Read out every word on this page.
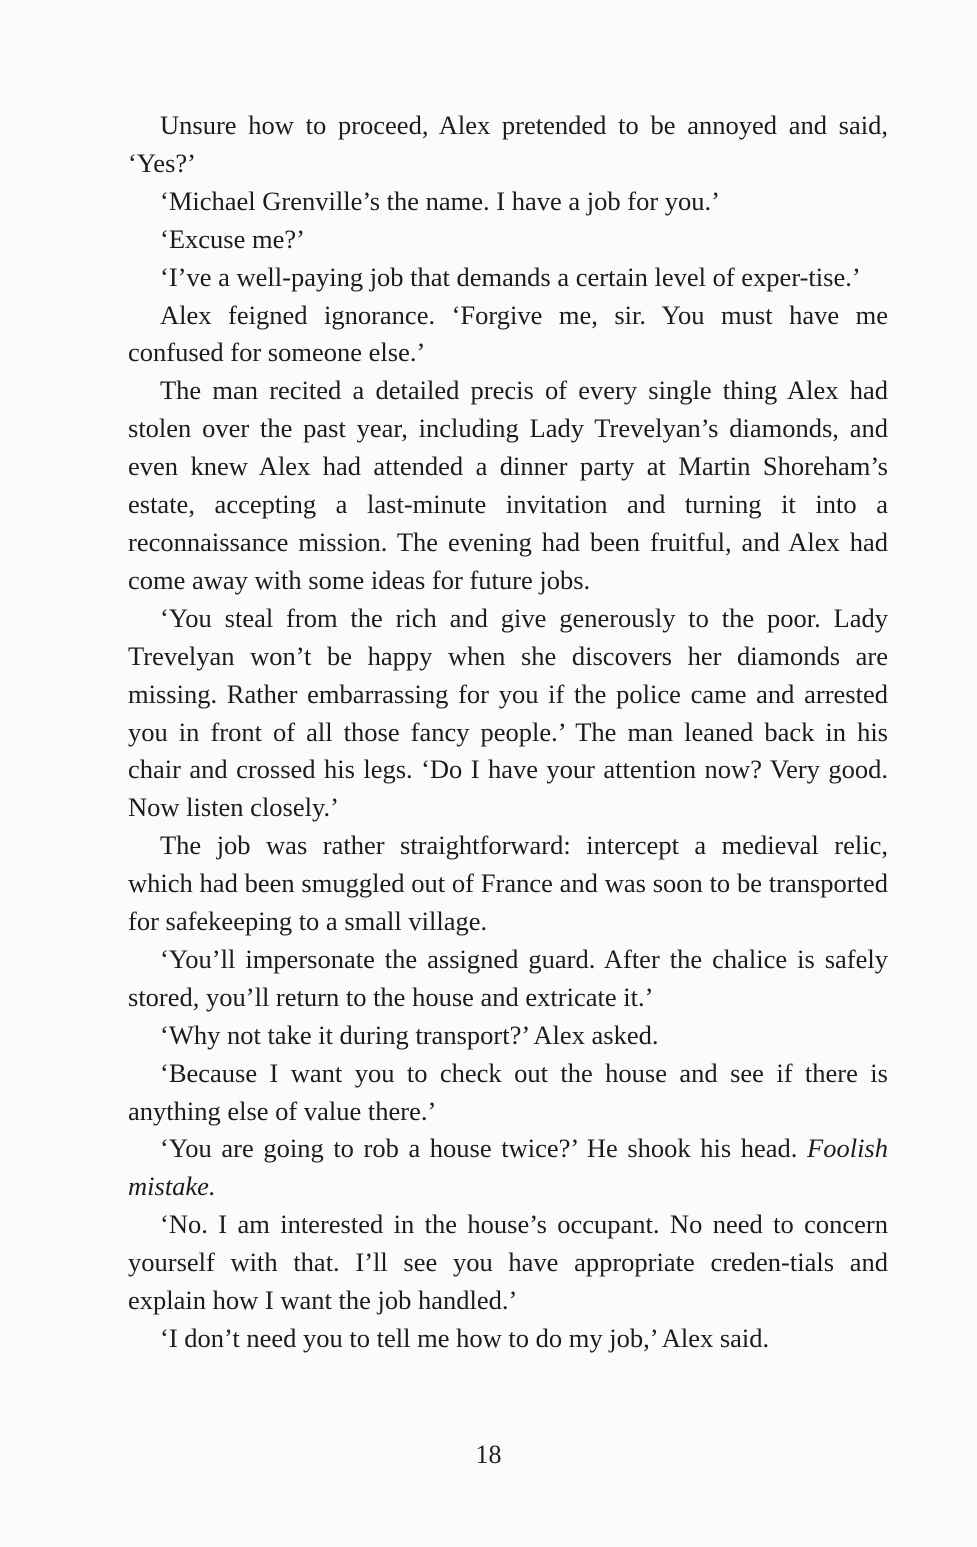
Unsure how to proceed, Alex pretended to be annoyed and said, ‘Yes?’

‘Michael Grenville’s the name. I have a job for you.’

‘Excuse me?’

‘I’ve a well-paying job that demands a certain level of exper-tise.’

Alex feigned ignorance. ‘Forgive me, sir. You must have me confused for someone else.’

The man recited a detailed precis of every single thing Alex had stolen over the past year, including Lady Trevelyan’s diamonds, and even knew Alex had attended a dinner party at Martin Shoreham’s estate, accepting a last-minute invitation and turning it into a reconnaissance mission. The evening had been fruitful, and Alex had come away with some ideas for future jobs.

‘You steal from the rich and give generously to the poor. Lady Trevelyan won’t be happy when she discovers her diamonds are missing. Rather embarrassing for you if the police came and arrested you in front of all those fancy people.’ The man leaned back in his chair and crossed his legs. ‘Do I have your attention now? Very good. Now listen closely.’

The job was rather straightforward: intercept a medieval relic, which had been smuggled out of France and was soon to be transported for safekeeping to a small village.

‘You’ll impersonate the assigned guard. After the chalice is safely stored, you’ll return to the house and extricate it.’

‘Why not take it during transport?’ Alex asked.

‘Because I want you to check out the house and see if there is anything else of value there.’

‘You are going to rob a house twice?’ He shook his head. Foolish mistake.

‘No. I am interested in the house’s occupant. No need to concern yourself with that. I’ll see you have appropriate creden-tials and explain how I want the job handled.’

‘I don’t need you to tell me how to do my job,’ Alex said.

18
